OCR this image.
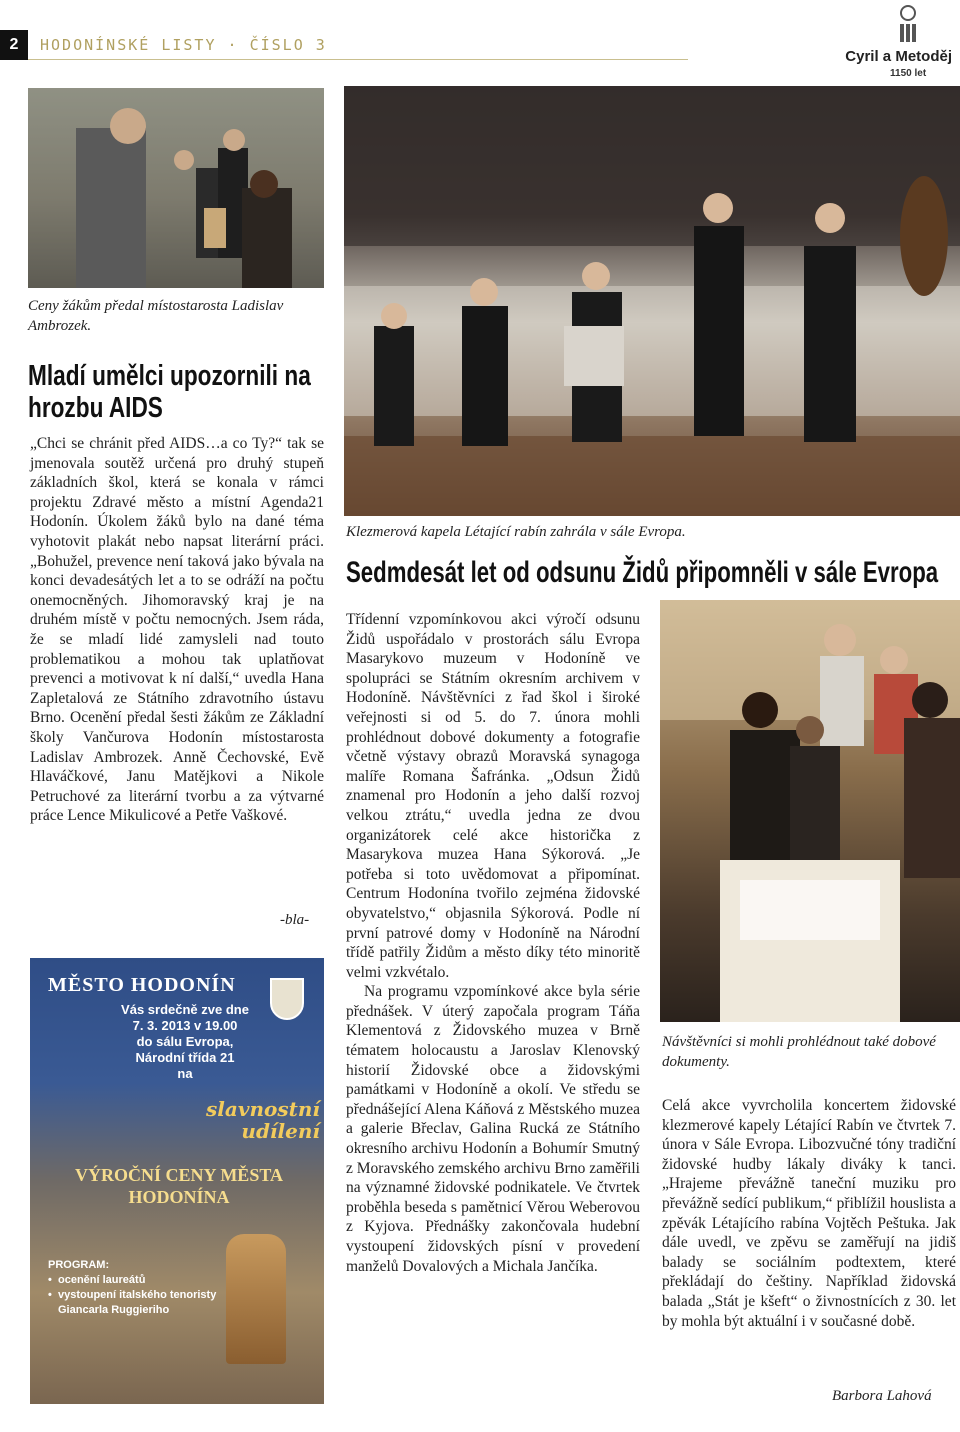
2	HODONÍNSKÉ LISTY · ČÍSLO 3
Cyril a Metoděj
1150 let
Ceny žákům předal místostarosta Ladislav Ambrozek.
Mladí umělci upozornili na
hrozbu AIDS

„Chci se chránit před AIDS…a co Ty?“ tak se jmenovala soutěž určená pro druhý stupeň základních škol, která se konala v rámci projektu Zdravé město a místní Agenda21 Hodonín. Úkolem žáků bylo na dané téma vyhotovit plakát nebo napsat literární práci. „Bohužel, prevence není taková jako bývala na konci devadesátých let a to se odráží na počtu onemocněných. Jihomoravský kraj je na druhém místě v počtu nemocných. Jsem ráda, že se mladí lidé zamysleli nad touto problematikou a mohou tak uplatňovat prevenci a motivovat k ní další,“ uvedla Hana Zapletalová ze Státního zdravotního ústavu Brno. Ocenění předal šesti žákům ze Základní školy Vančurova Hodonín místostarosta Ladislav Ambrozek. Anně Čechovské, Evě Hlaváčkové, Janu Matějkovi a Nikole Petruchové za literární tvorbu a za výtvarné práce Lence Mikulicové a Petře Vaškové.

-bla-
MĚSTO HODONÍN
Vás srdečně zve dne
7. 3. 2013 v 19.00
do sálu Evropa,
Národní třída 21
na
slavnostní
udílení
VÝROČNÍ CENY MĚSTA
HODONÍNA
PROGRAM:
• ocenění laureátů
• vystoupení italského tenoristy
Giancarla Ruggieriho
Klezmerová kapela Létající rabín zahrála v sále Evropa.
Sedmdesát let od odsunu Židů připomněli v sále Evropa

Třídenní vzpomínkovou akci výročí odsunu Židů uspořádalo v prostorách sálu Evropa Masarykovo muzeum v Hodoníně ve spolupráci se Státním okresním archivem v Hodoníně. Návštěvníci z řad škol i široké veřejnosti si od 5. do 7. února mohli prohlédnout dobové dokumenty a fotografie včetně výstavy obrazů Moravská synagoga malíře Romana Šafránka. „Odsun Židů znamenal pro Hodonín a jeho další rozvoj velkou ztrátu,“ uvedla jedna ze dvou organizátorek celé akce historička z Masarykova muzea Hana Sýkorová. „Je potřeba si toto uvědomovat a připomínat. Centrum Hodonína tvořilo zejména židovské obyvatelstvo,“ objasnila Sýkorová. Podle ní první patrové domy v Hodoníně na Národní třídě patřily Židům a město díky této minoritě velmi vzkvétalo.

Na programu vzpomínkové akce byla série přednášek. V úterý započala program Táňa Klementová z Židovského muzea v Brně tématem holocaustu a Jaroslav Klenovský historií Židovské obce a židovskými památkami v Hodoníně a okolí. Ve středu se přednášející Alena Káňová z Městského muzea a galerie Břeclav, Galina Rucká ze Státního okresního archivu Hodonín a Bohumír Smutný z Moravského zemského archivu Brno zaměřili na významné židovské podnikatele. Ve čtvrtek proběhla beseda s pamětnicí Věrou Weberovou z Kyjova. Přednášky zakončovala hudební vystoupení židovských písní v provedení manželů Dovalových a Michala Jančíka.

Návštěvníci si mohli prohlédnout také dobové dokumenty.

Celá akce vyvrcholila koncertem židovské klezmerové kapely Létající Rabín ve čtvrtek 7. února v Sále Evropa. Libozvučné tóny tradiční židovské hudby lákaly diváky k tanci. „Hrajeme převážně taneční muziku pro převážně sedící publikum,“ přiblížil houslista a zpěvák Létajícího rabína Vojtěch Peštuka. Jak dále uvedl, ve zpěvu se zaměřují na jidiš balady se sociálním podtextem, které překládají do češtiny. Například židovská balada „Stát je kšeft“ o živnostnících z 30. let by mohla být aktuální i v současné době.

Barbora Lahová
